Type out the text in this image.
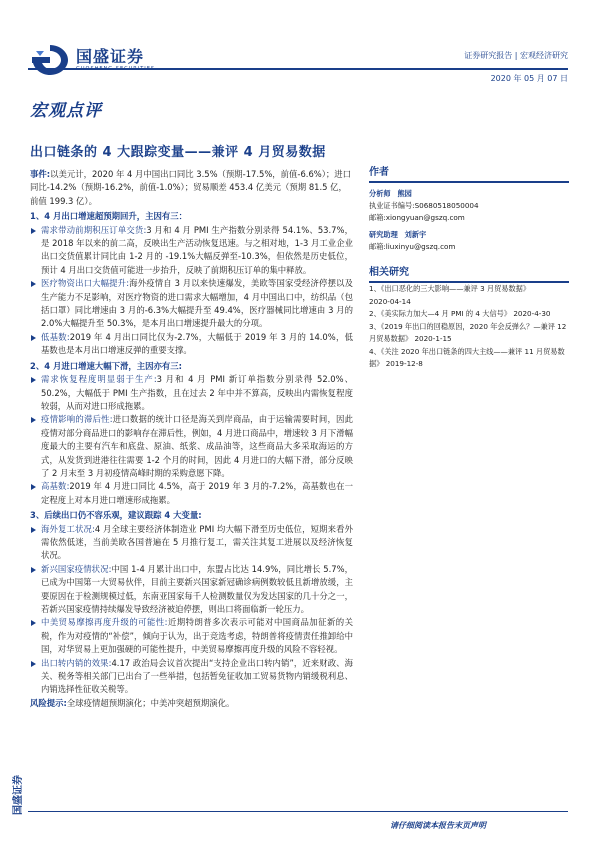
国盛证券	证券研究报告 | 宏观经济研究
2020 年 05 月 07 日
宏观点评
出口链条的 4 大跟踪变量——兼评 4 月贸易数据

事件:以美元计，2020 年 4 月中国出口同比 3.5%（预期-17.5%，前值-6.6%）；进口同比-14.2%（预期-16.2%，前值-1.0%）；贸易顺差 453.4 亿美元（预期 81.5 亿，前值 199.3 亿）。

1、4 月出口增速超预期回升，主因有三：

需求带动前期积压订单交货:3 月和 4 月 PMI 生产指数分别录得 54.1%、53.7%，是 2018 年以来的前二高，反映出生产活动恢复迅速。与之相对地，1-3 月工业企业出口交货值累计同比由 1-2 月的 -19.1%大幅反弹至-10.3%，但依然是历史低位，预计 4 月出口交货值可能进一步抬升，反映了前期积压订单的集中释放。

医疗物资出口大幅提升:海外疫情自 3 月以来快速爆发，美欧等国家受经济停摆以及生产能力不足影响，对医疗物资的进口需求大幅增加，4 月中国出口中，纺织品（包括口罩）同比增速由 3 月的-6.3%大幅提升至 49.4%，医疗器械同比增速由 3 月的 2.0%大幅提升至 50.3%，是本月出口增速提升最大的分项。

低基数:2019 年 4 月出口同比仅为-2.7%，大幅低于 2019 年 3 月的 14.0%，低基数也是本月出口增速反弹的重要支撑。

2、4 月进口增速大幅下滑，主因亦有三:

需求恢复程度明显弱于生产:3 月和 4 月 PMI 新订单指数分别录得 52.0%、50.2%，大幅低于 PMI 生产指数，且在过去 2 年中并不算高，反映出内需恢复程度较弱，从而对进口形成拖累。

疫情影响的滞后性:进口数据的统计口径是海关到岸商品，由于运输需要时间，因此疫情对部分商品进口的影响存在滞后性，例如，4 月进口商品中，增速较 3 月下滑幅度最大的主要有汽车和底盘、原油、纸浆、成品油等，这些商品大多采取海运的方式，从发货到进港往往需要 1-2 个月的时间，因此 4 月进口的大幅下滑，部分反映了 2 月末至 3 月初疫情高峰时期的采购意愿下降。

高基数:2019 年 4 月进口同比 4.5%，高于 2019 年 3 月的-7.2%，高基数也在一定程度上对本月进口增速形成拖累。

3、后续出口仍不容乐观，建议跟踪 4 大变量:

海外复工状况:4 月全球主要经济体制造业 PMI 均大幅下滑至历史低位，短期来看外需依然低迷，当前美欧各国普遍在 5 月推行复工，需关注其复工进展以及经济恢复状况。

新兴国家疫情状况:中国 1-4 月累计出口中，东盟占比达 14.9%，同比增长 5.7%，已成为中国第一大贸易伙伴，目前主要新兴国家新冠确诊病例数较低且新增放缓，主要原因在于检测规模过低，东南亚国家每千人检测数量仅为发达国家的几十分之一，若新兴国家疫情持续爆发导致经济被迫停摆，则出口将面临新一轮压力。

中美贸易摩擦再度升级的可能性:近期特朗普多次表示可能对中国商品加征新的关税，作为对疫情的“补偿”，倾向于认为，出于竞选考虑，特朗普将疫情责任推卸给中国，对华贸易上更加强硬的可能性提升，中美贸易摩擦再度升级的风险不容轻视。

出口转内销的效果:4.17 政治局会议首次提出“支持企业出口转内销”，近来财政、海关、税务等相关部门已出台了一些举措，包括暂免征收加工贸易货物内销缓税利息、内销选择性征收关税等。

风险提示:全球疫情超预期演化；中美冲突超预期演化。

作者

分析师 熊园

执业证书编号:S0680518050004

邮箱:xiongyuan@gszq.com

研究助理 刘新宇

邮箱:liuxinyu@gszq.com

相关研究

1、《出口恶化的三大影响——兼评 3 月贸易数据》
2020-04-14

2、《美实际力加大—4 月 PMI 的 4 大信号》 2020-4-30

3、《2019 年出口的回稳原因，2020 年会反弹么？—兼评 12 月贸易数据》 2020-1-15

4、《关注 2020 年出口链条的四大主线——兼评 11 月贸易数据》 2019-12-8

请仔细阅读本报告末页声明
国盛证券
